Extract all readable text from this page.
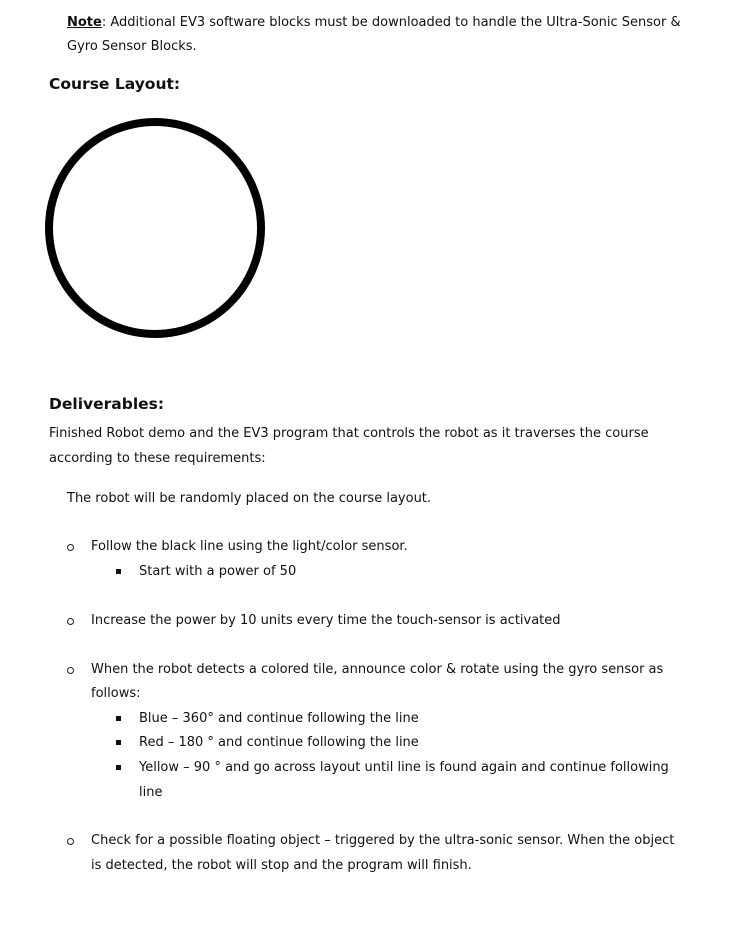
Note: Additional EV3 software blocks must be downloaded to handle the Ultra-Sonic Sensor &
Gyro Sensor Blocks.
Course Layout:
Deliverables:
Finished Robot demo and the EV3 program that controls the robot as it traverses the course
according to these requirements:
The robot will be randomly placed on the course layout.
Follow the black line using the light/color sensor.
Start with a power of 50
Increase the power by 10 units every time the touch-sensor is activated
When the robot detects a colored tile, announce color & rotate using the gyro sensor as
follows:
Blue – 360° and continue following the line
Red – 180 ° and continue following the line
Yellow – 90 ° and go across layout until line is found again and continue following
line
Check for a possible floating object – triggered by the ultra-sonic sensor. When the object
is detected, the robot will stop and the program will finish.
